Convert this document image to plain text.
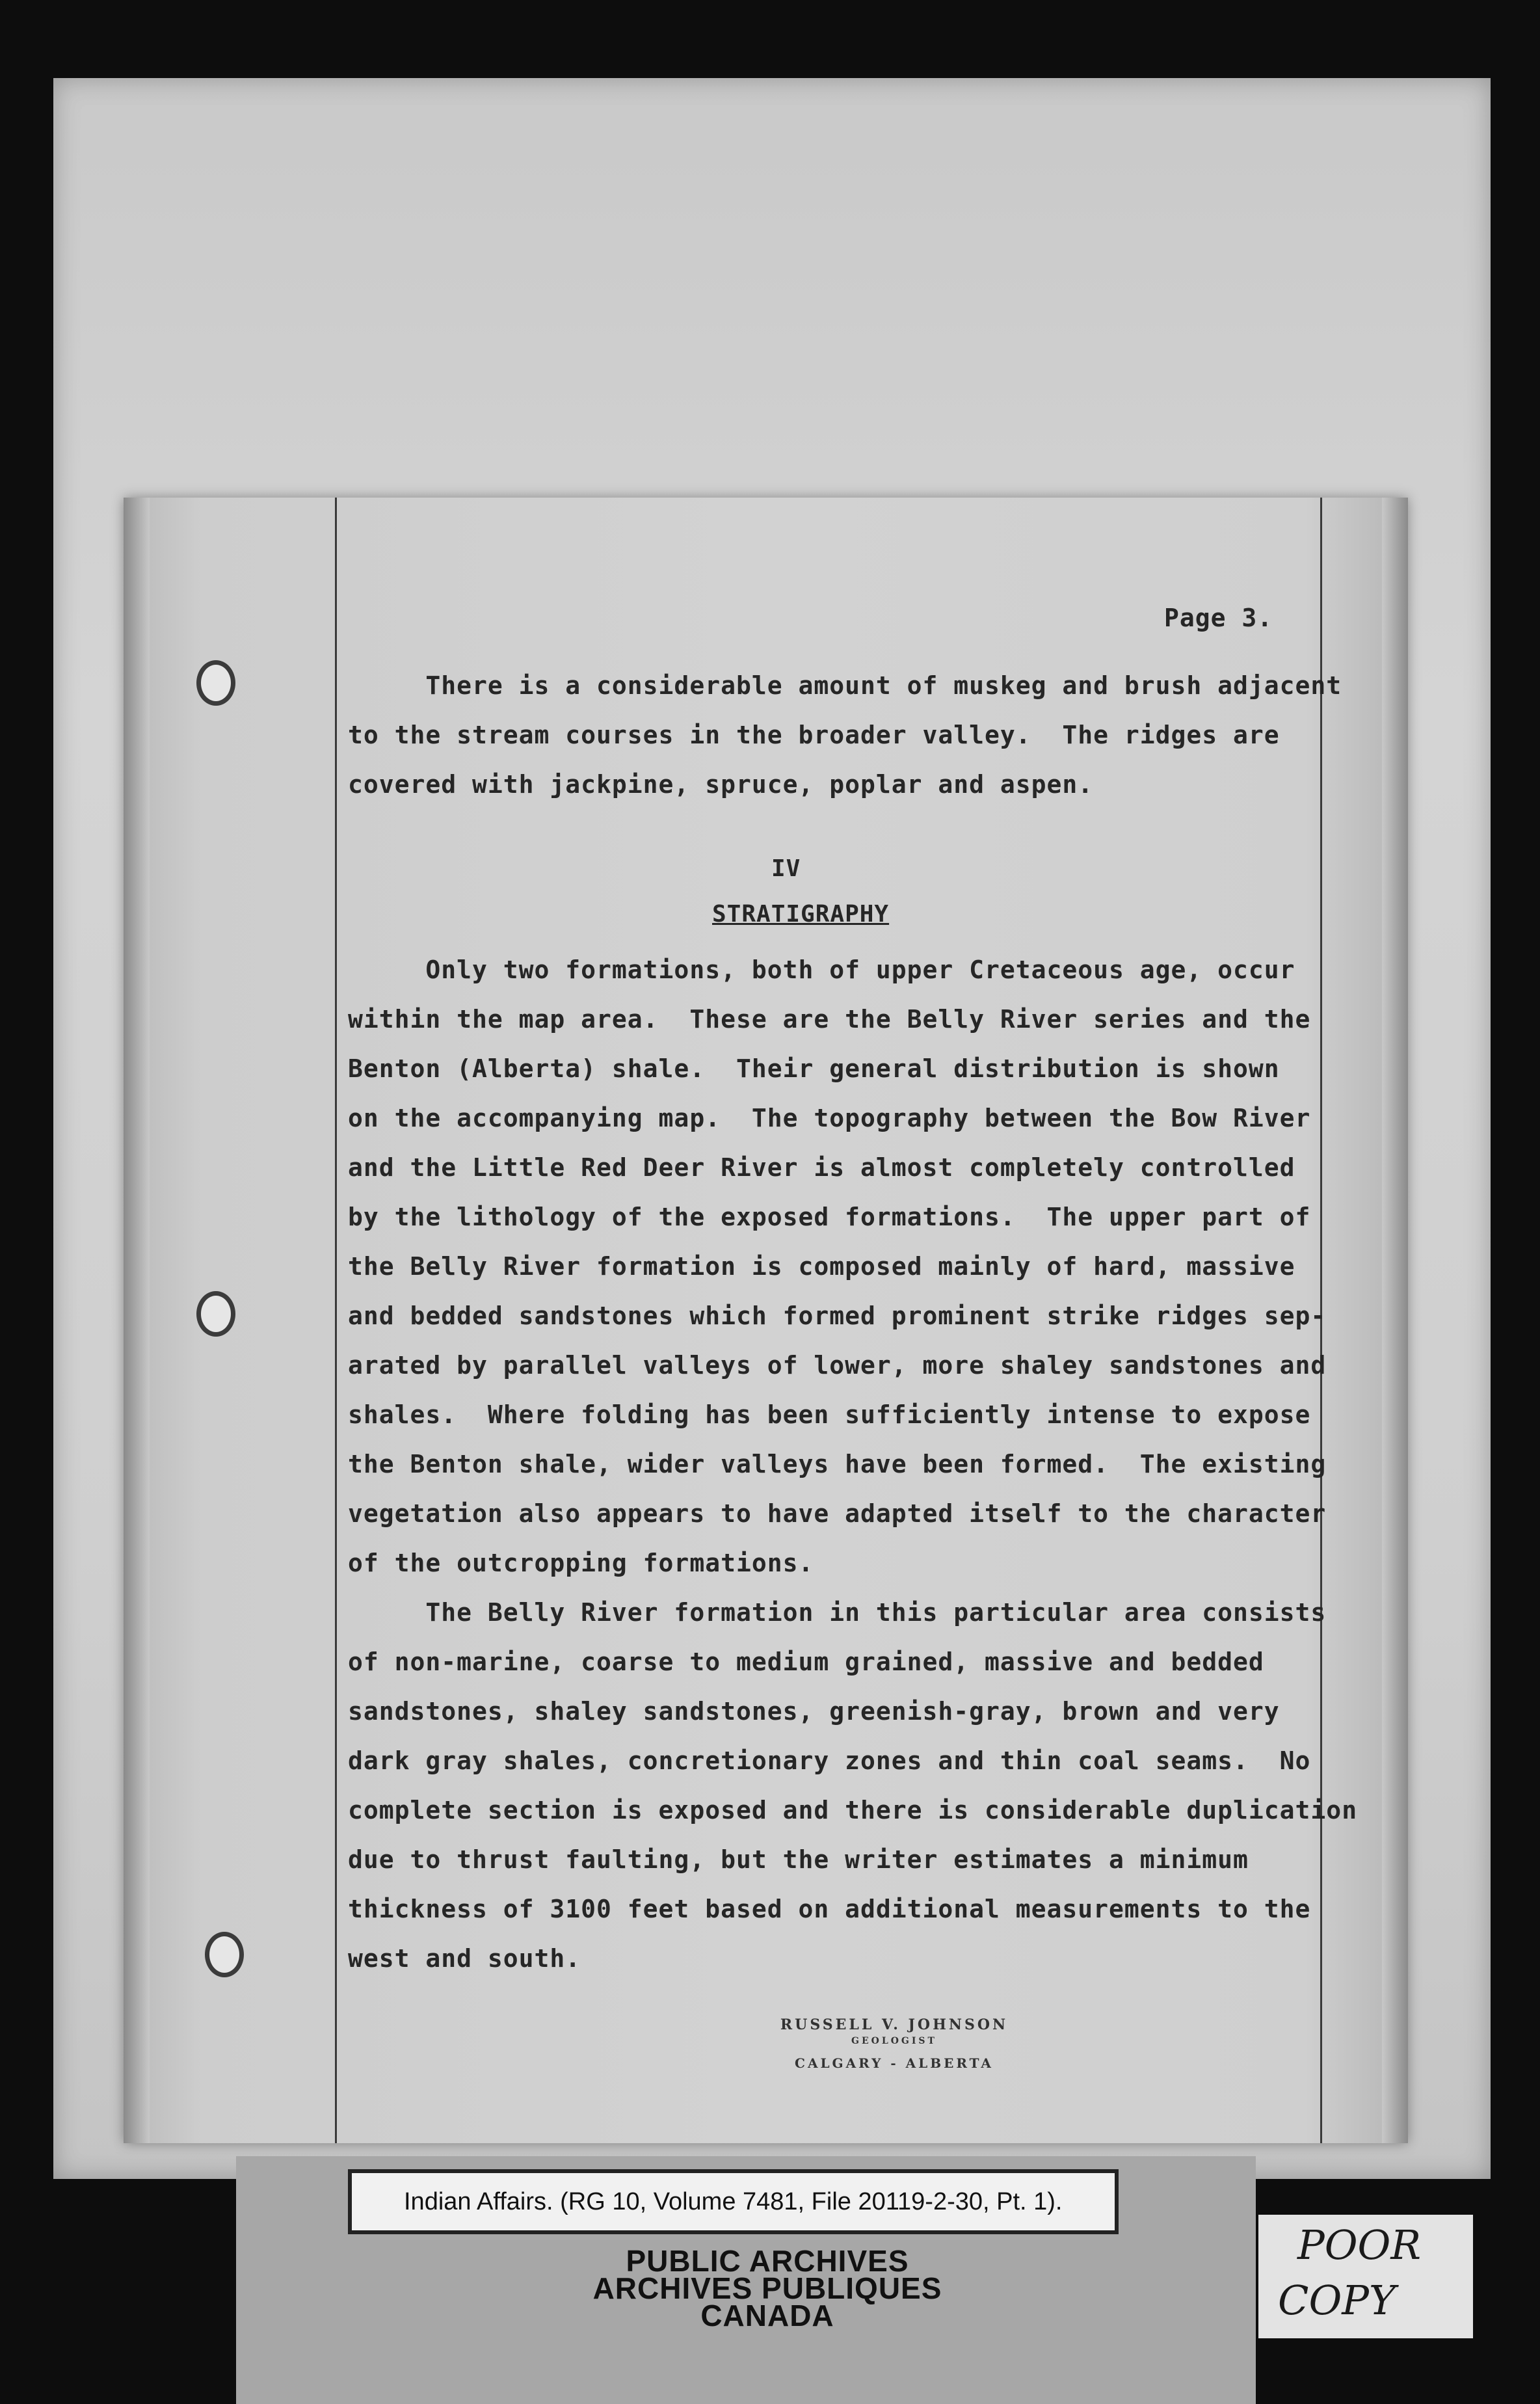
Page 3.
There is a considerable amount of muskeg and brush adjacent
to the stream courses in the broader valley.  The ridges are
covered with jackpine, spruce, poplar and aspen.
IV
STRATIGRAPHY
Only two formations, both of upper Cretaceous age, occur
within the map area.  These are the Belly River series and the
Benton (Alberta) shale.  Their general distribution is shown
on the accompanying map.  The topography between the Bow River
and the Little Red Deer River is almost completely controlled
by the lithology of the exposed formations.  The upper part of
the Belly River formation is composed mainly of hard, massive
and bedded sandstones which formed prominent strike ridges sep-
arated by parallel valleys of lower, more shaley sandstones and
shales.  Where folding has been sufficiently intense to expose
the Benton shale, wider valleys have been formed.  The existing
vegetation also appears to have adapted itself to the character
of the outcropping formations.
The Belly River formation in this particular area consists
of non-marine, coarse to medium grained, massive and bedded
sandstones, shaley sandstones, greenish-gray, brown and very
dark gray shales, concretionary zones and thin coal seams.  No
complete section is exposed and there is considerable duplication
due to thrust faulting, but the writer estimates a minimum
thickness of 3100 feet based on additional measurements to the
west and south.
RUSSELL V. JOHNSON
GEOLOGIST
CALGARY - ALBERTA
Indian Affairs. (RG 10, Volume 7481, File 20119-2-30, Pt. 1).
PUBLIC ARCHIVES
ARCHIVES PUBLIQUES
CANADA
POOR
COPY
